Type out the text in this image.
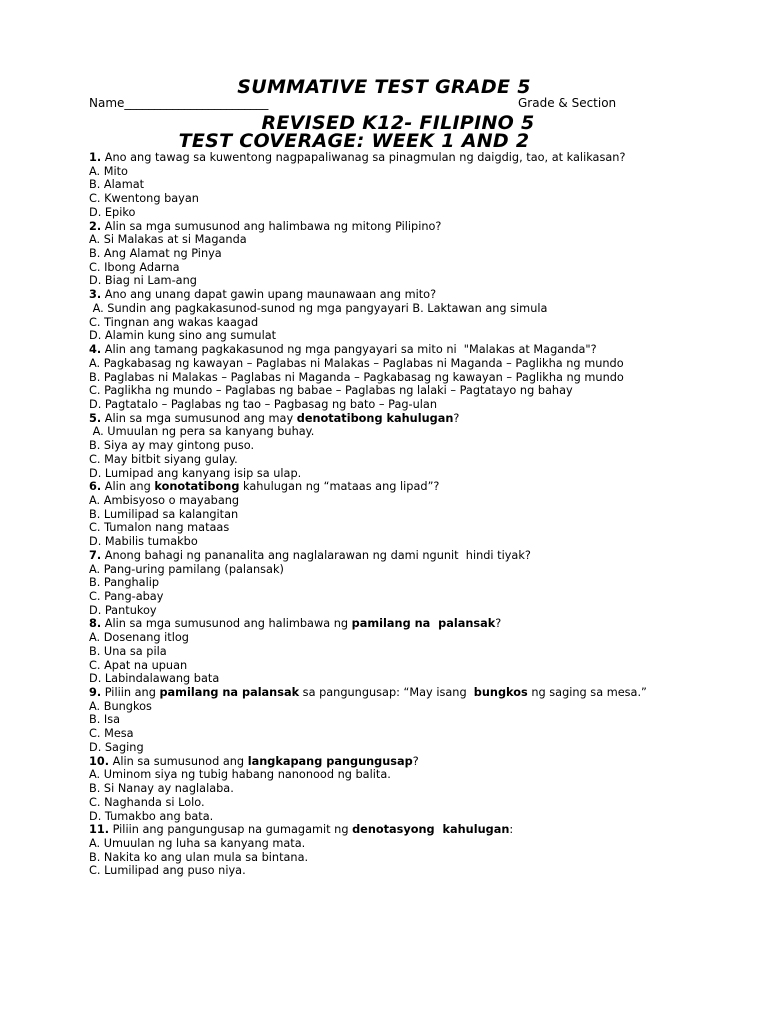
SUMMATIVE TEST GRADE 5
Name________________________	Grade & Section
REVISED K12- FILIPINO 5
TEST COVERAGE: WEEK 1 AND 2
1. Ano ang tawag sa kuwentong nagpapaliwanag sa pinagmulan ng daigdig, tao, at kalikasan?
A. Mito
B. Alamat
C. Kwentong bayan
D. Epiko
2. Alin sa mga sumusunod ang halimbawa ng mitong Pilipino?
A. Si Malakas at si Maganda
B. Ang Alamat ng Pinya
C. Ibong Adarna
D. Biag ni Lam-ang
3. Ano ang unang dapat gawin upang maunawaan ang mito?
A. Sundin ang pagkakasunod-sunod ng mga pangyayari B. Laktawan ang simula
C. Tingnan ang wakas kaagad
D. Alamin kung sino ang sumulat
4. Alin ang tamang pagkakasunod ng mga pangyayari sa mito ni  "Malakas at Maganda"?
A. Pagkabasag ng kawayan – Paglabas ni Malakas – Paglabas ni Maganda – Paglikha ng mundo
B. Paglabas ni Malakas – Paglabas ni Maganda – Pagkabasag ng kawayan – Paglikha ng mundo
C. Paglikha ng mundo – Paglabas ng babae – Paglabas ng lalaki – Pagtatayo ng bahay
D. Pagtatalo – Paglabas ng tao – Pagbasag ng bato – Pag-ulan
5. Alin sa mga sumusunod ang may denotatibong kahulugan?
A. Umuulan ng pera sa kanyang buhay.
B. Siya ay may gintong puso.
C. May bitbit siyang gulay.
D. Lumipad ang kanyang isip sa ulap.
6. Alin ang konotatibong kahulugan ng “mataas ang lipad”?
A. Ambisyoso o mayabang
B. Lumilipad sa kalangitan
C. Tumalon nang mataas
D. Mabilis tumakbo
7. Anong bahagi ng pananalita ang naglalarawan ng dami ngunit  hindi tiyak?
A. Pang-uring pamilang (palansak)
B. Panghalip
C. Pang-abay
D. Pantukoy
8. Alin sa mga sumusunod ang halimbawa ng pamilang na  palansak?
A. Dosenang itlog
B. Una sa pila
C. Apat na upuan
D. Labindalawang bata
9. Piliin ang pamilang na palansak sa pangungusap: “May isang  bungkos ng saging sa mesa.”
A. Bungkos
B. Isa
C. Mesa
D. Saging
10. Alin sa sumusunod ang langkapang pangungusap?
A. Uminom siya ng tubig habang nanonood ng balita.
B. Si Nanay ay naglalaba.
C. Naghanda si Lolo.
D. Tumakbo ang bata.
11. Piliin ang pangungusap na gumagamit ng denotasyong  kahulugan:
A. Umuulan ng luha sa kanyang mata.
B. Nakita ko ang ulan mula sa bintana.
C. Lumilipad ang puso niya.
